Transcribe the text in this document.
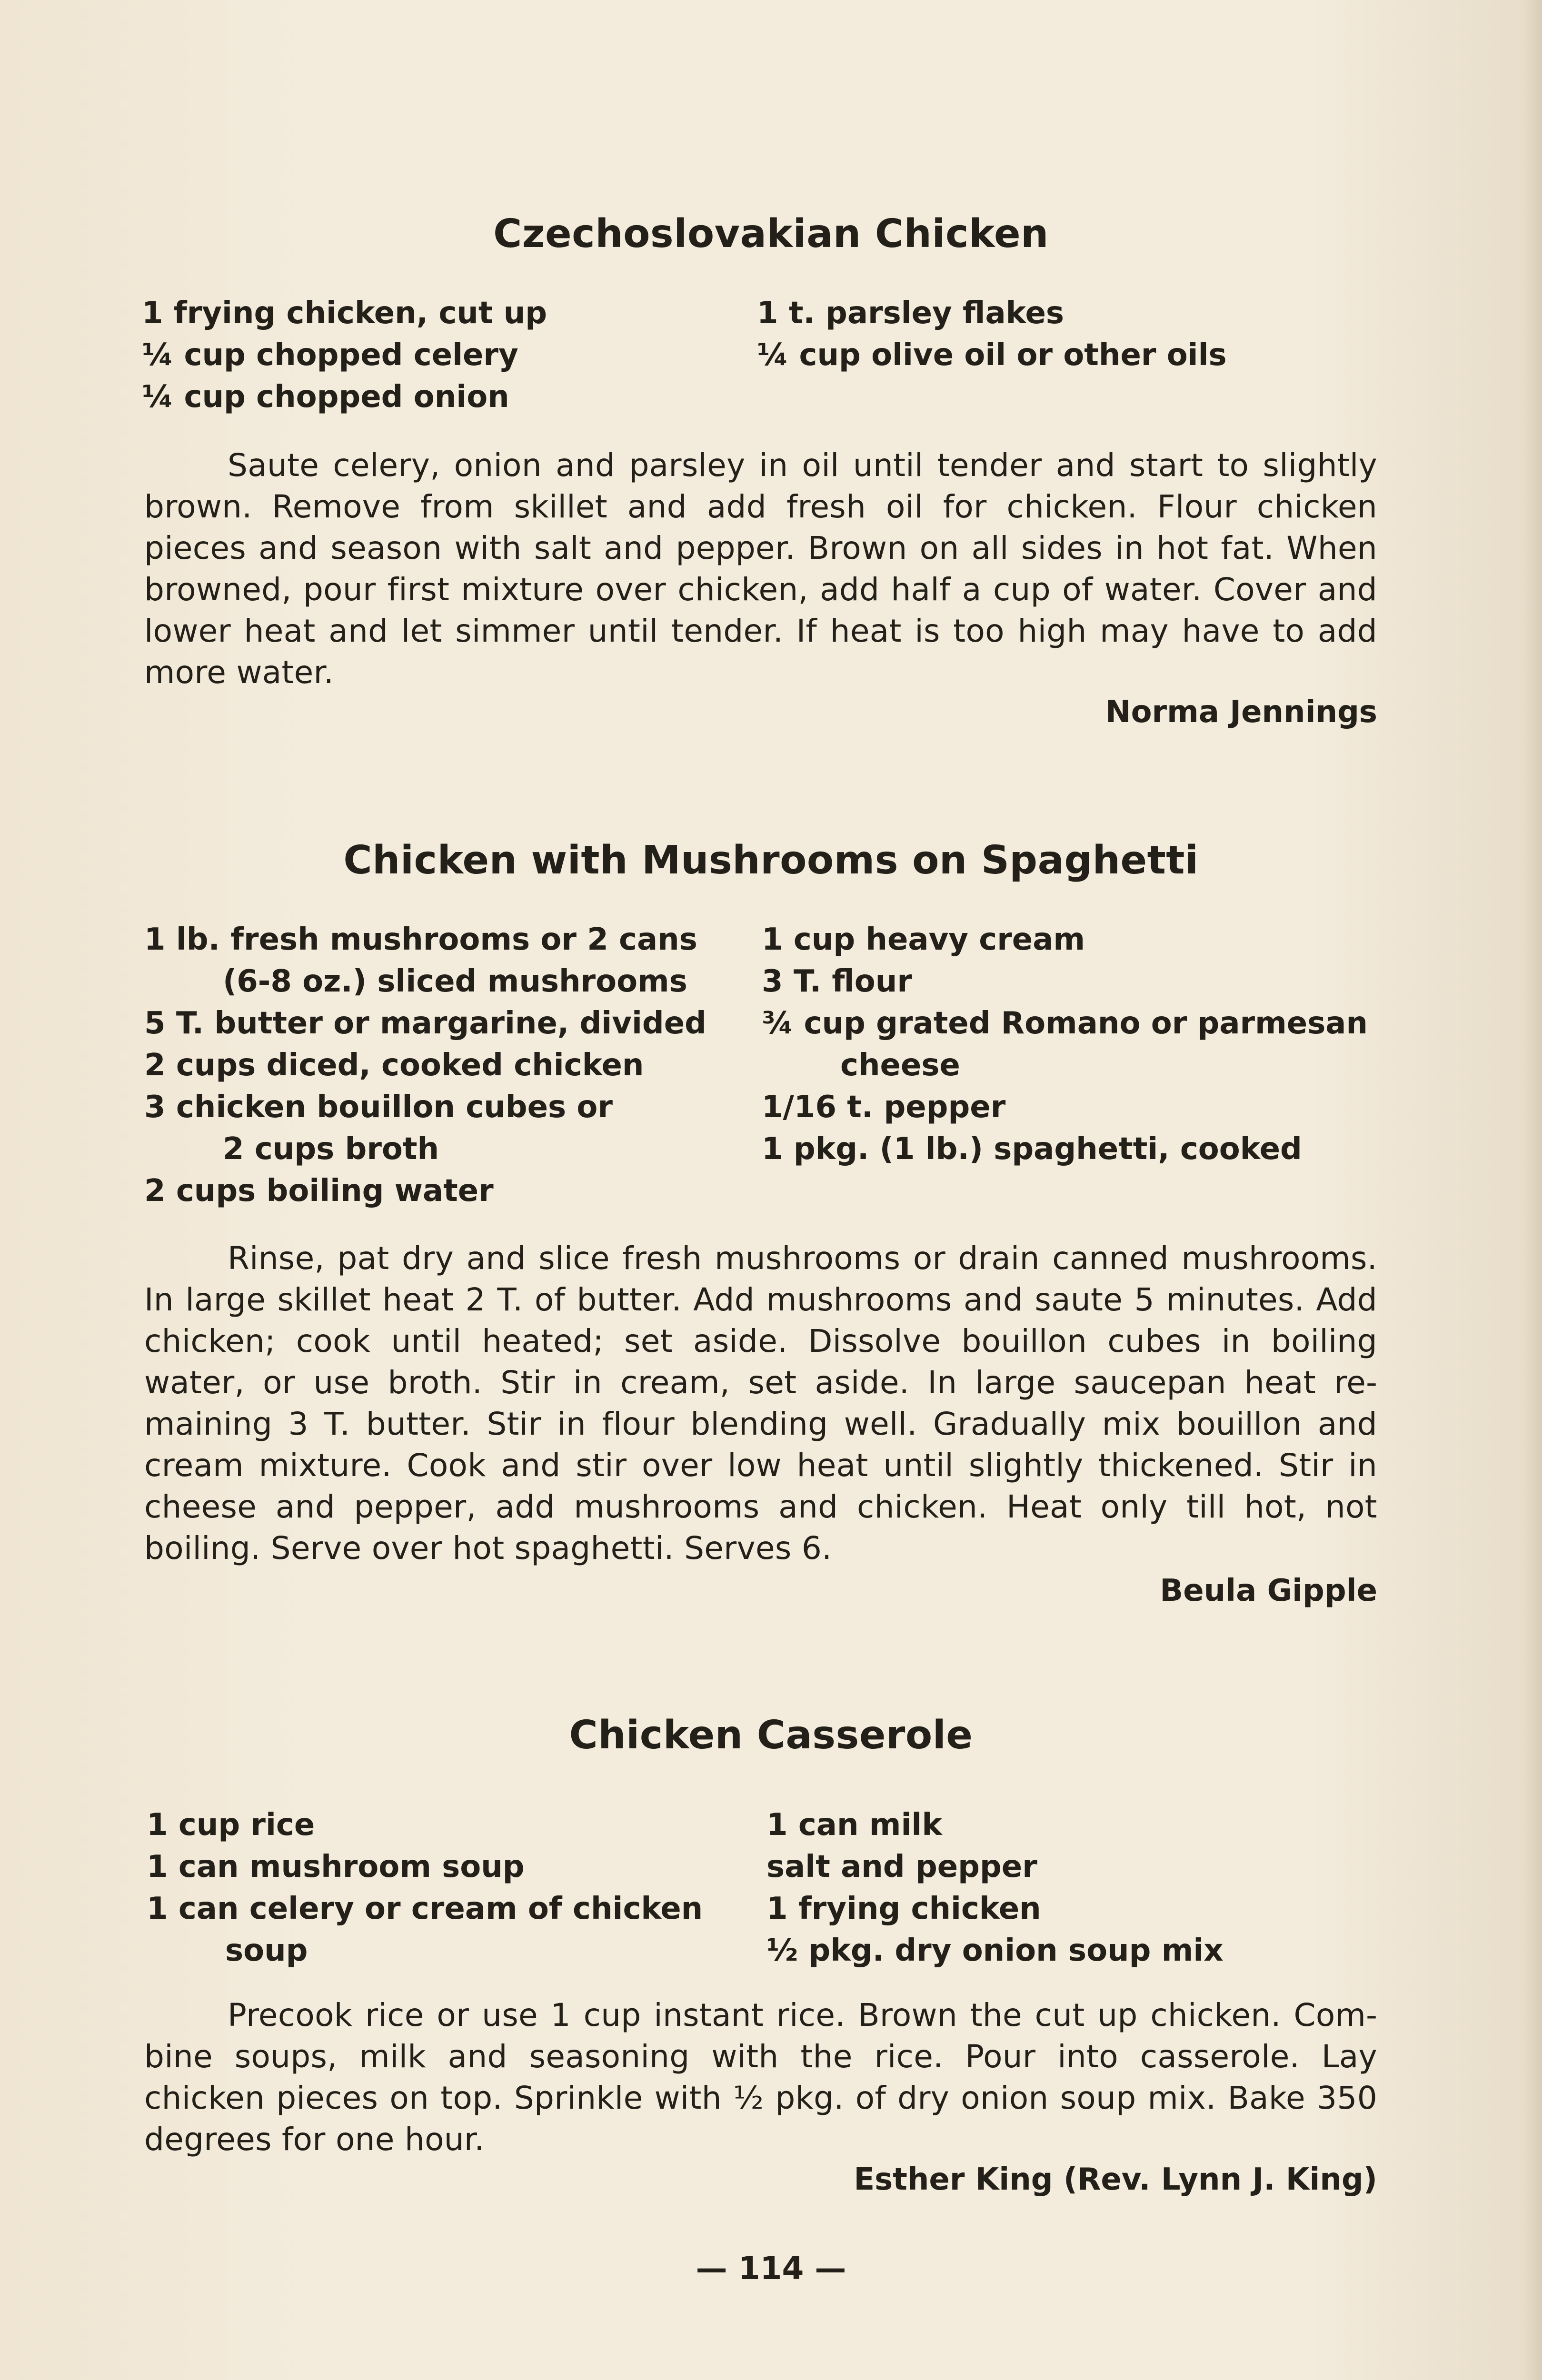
Czechoslovakian Chicken
1 frying chicken, cut up
¼ cup chopped celery
¼ cup chopped onion
1 t. parsley flakes
¼ cup olive oil or other oils
Saute celery, onion and parsley in oil until tender and start to slightly brown. Remove from skillet and add fresh oil for chicken. Flour chicken pieces and season with salt and pepper. Brown on all sides in hot fat. When browned, pour first mixture over chicken, add half a cup of water. Cover and lower heat and let simmer until tender. If heat is too high may have to add more water.
Norma Jennings
Chicken with Mushrooms on Spaghetti
1 lb. fresh mushrooms or 2 cans
(6-8 oz.) sliced mushrooms
5 T. butter or margarine, divided
2 cups diced, cooked chicken
3 chicken bouillon cubes or
2 cups broth
2 cups boiling water
1 cup heavy cream
3 T. flour
¾ cup grated Romano or parmesan
cheese
1/16 t. pepper
1 pkg. (1 lb.) spaghetti, cooked
Rinse, pat dry and slice fresh mushrooms or drain canned mushrooms. In large skillet heat 2 T. of butter. Add mushrooms and saute 5 minutes. Add chicken; cook until heated; set aside. Dissolve bouillon cubes in boiling water, or use broth. Stir in cream, set aside. In large saucepan heat remaining 3 T. butter. Stir in flour blending well. Gradually mix bouillon and cream mixture. Cook and stir over low heat until slightly thickened. Stir in cheese and pepper, add mushrooms and chicken. Heat only till hot, not boiling. Serve over hot spaghetti. Serves 6.
Beula Gipple
Chicken Casserole
1 cup rice
1 can mushroom soup
1 can celery or cream of chicken
soup
1 can milk
salt and pepper
1 frying chicken
½ pkg. dry onion soup mix
Precook rice or use 1 cup instant rice. Brown the cut up chicken. Combine soups, milk and seasoning with the rice. Pour into casserole. Lay chicken pieces on top. Sprinkle with ½ pkg. of dry onion soup mix. Bake 350 degrees for one hour.
Esther King (Rev. Lynn J. King)
— 114 —
